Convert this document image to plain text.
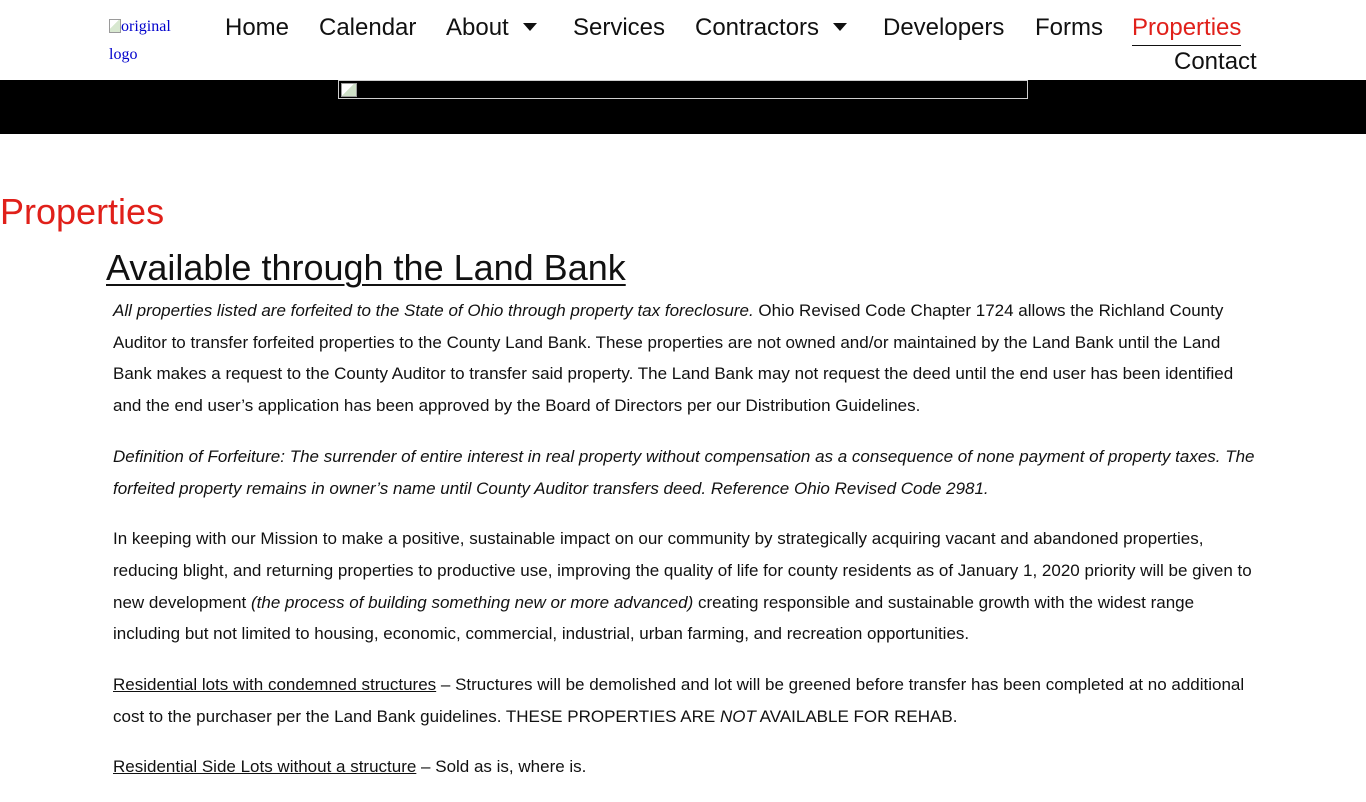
original logo
Home Calendar About	Services Contractors	Developers Forms Properties
Contact
Properties
Available through the Land Bank

All properties listed are forfeited to the State of Ohio through property tax foreclosure. Ohio Revised Code Chapter 1724 allows the Richland County Auditor to transfer forfeited properties to the County Land Bank. These properties are not owned and/or maintained by the Land Bank until the Land Bank makes a request to the County Auditor to transfer said property. The Land Bank may not request the deed until the end user has been identified and the end user’s application has been approved by the Board of Directors per our Distribution Guidelines.

Definition of Forfeiture: The surrender of entire interest in real property without compensation as a consequence of none payment of property taxes. The forfeited property remains in owner’s name until County Auditor transfers deed. Reference Ohio Revised Code 2981.

In keeping with our Mission to make a positive, sustainable impact on our community by strategically acquiring vacant and abandoned properties, reducing blight, and returning properties to productive use, improving the quality of life for county residents as of January 1, 2020 priority will be given to new development (the process of building something new or more advanced) creating responsible and sustainable growth with the widest range including but not limited to housing, economic, commercial, industrial, urban farming, and recreation opportunities.

Residential lots with condemned structures – Structures will be demolished and lot will be greened before transfer has been completed at no additional cost to the purchaser per the Land Bank guidelines. THESE PROPERTIES ARE NOT AVAILABLE FOR REHAB.

Residential Side Lots without a structure – Sold as is, where is.
